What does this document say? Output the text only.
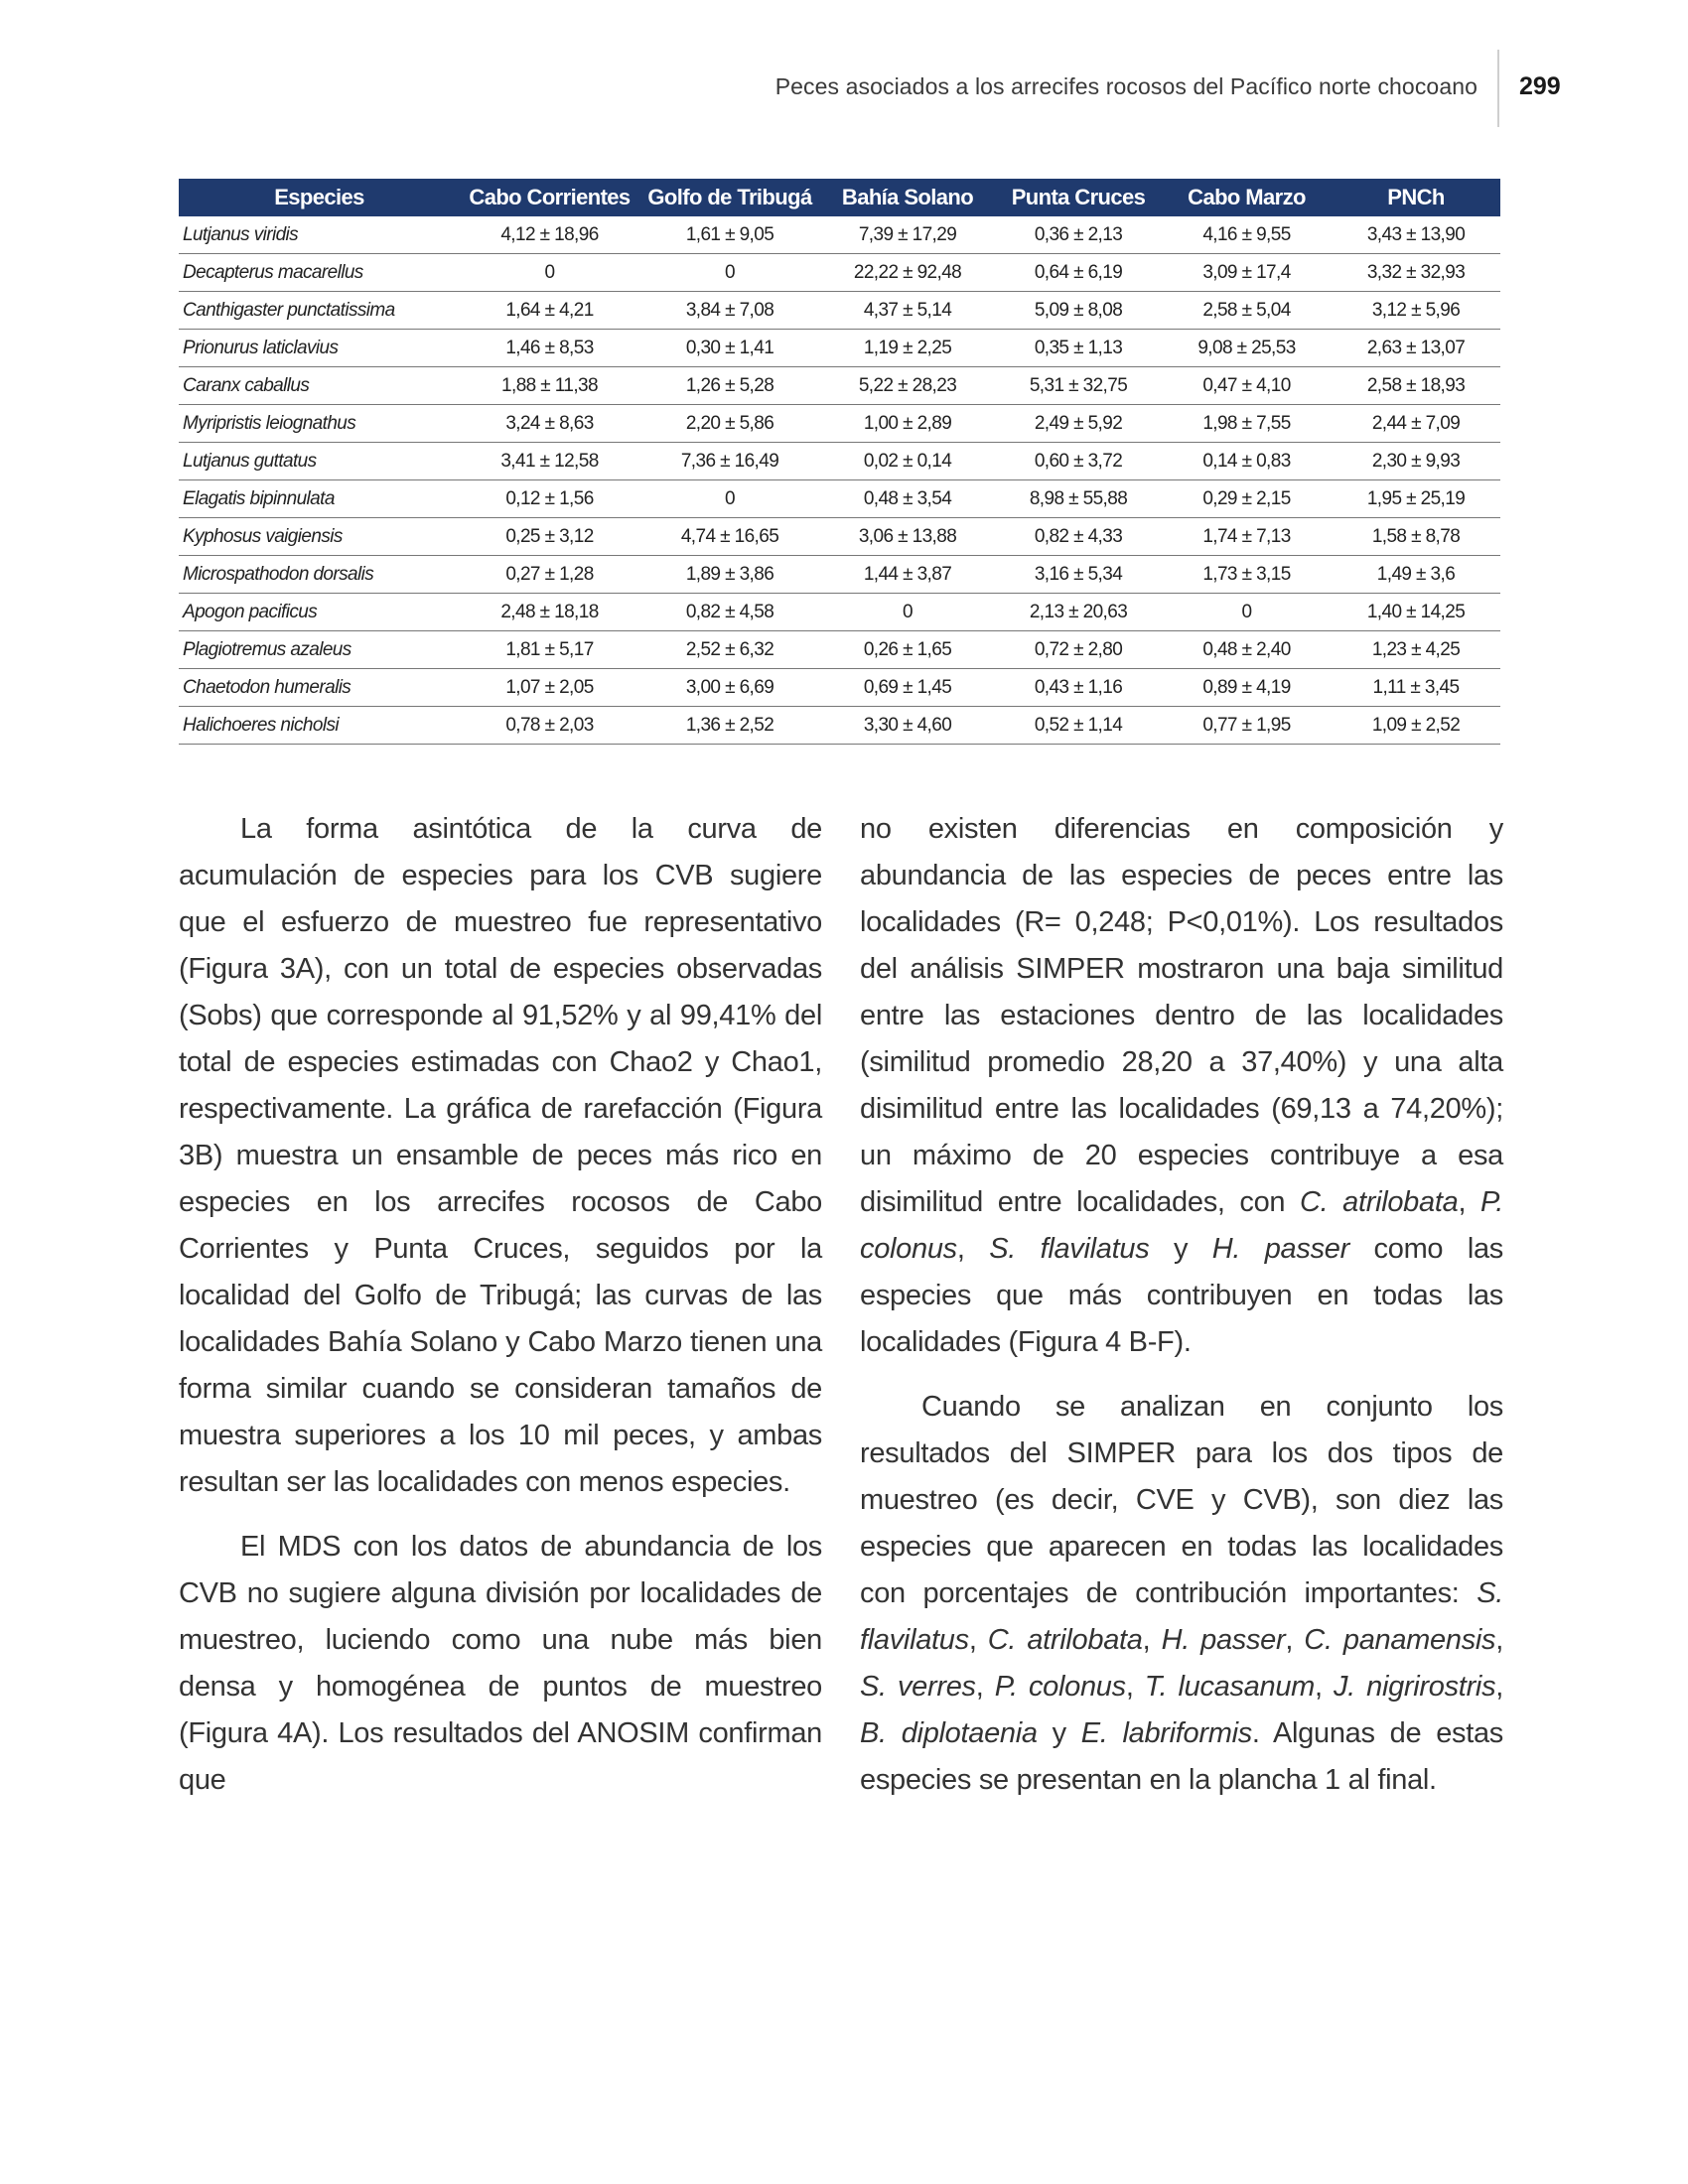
Peces asociados a los arrecifes rocosos del Pacífico norte chocoano 299
Especies	Cabo Corrientes	Golfo de Tribugá	Bahía Solano	Punta Cruces	Cabo Marzo	PNCh
Lutjanus viridis	4,12 ± 18,96	1,61 ± 9,05	7,39 ± 17,29	0,36 ± 2,13	4,16 ± 9,55	3,43 ± 13,90
Decapterus macarellus	0	0	22,22 ± 92,48	0,64 ± 6,19	3,09 ± 17,4	3,32 ± 32,93
Canthigaster punctatissima	1,64 ± 4,21	3,84 ± 7,08	4,37 ± 5,14	5,09 ± 8,08	2,58 ± 5,04	3,12 ± 5,96
Prionurus laticlavius	1,46 ± 8,53	0,30 ± 1,41	1,19 ± 2,25	0,35 ± 1,13	9,08 ± 25,53	2,63 ± 13,07
Caranx caballus	1,88 ± 11,38	1,26 ± 5,28	5,22 ± 28,23	5,31 ± 32,75	0,47 ± 4,10	2,58 ± 18,93
Myripristis leiognathus	3,24 ± 8,63	2,20 ± 5,86	1,00 ± 2,89	2,49 ± 5,92	1,98 ± 7,55	2,44 ± 7,09
Lutjanus guttatus	3,41 ± 12,58	7,36 ± 16,49	0,02 ± 0,14	0,60 ± 3,72	0,14 ± 0,83	2,30 ± 9,93
Elagatis bipinnulata	0,12 ± 1,56	0	0,48 ± 3,54	8,98 ± 55,88	0,29 ± 2,15	1,95 ± 25,19
Kyphosus vaigiensis	0,25 ± 3,12	4,74 ± 16,65	3,06 ± 13,88	0,82 ± 4,33	1,74 ± 7,13	1,58 ± 8,78
Microspathodon dorsalis	0,27 ± 1,28	1,89 ± 3,86	1,44 ± 3,87	3,16 ± 5,34	1,73 ± 3,15	1,49 ± 3,6
Apogon pacificus	2,48 ± 18,18	0,82 ± 4,58	0	2,13 ± 20,63	0	1,40 ± 14,25
Plagiotremus azaleus	1,81 ± 5,17	2,52 ± 6,32	0,26 ± 1,65	0,72 ± 2,80	0,48 ± 2,40	1,23 ± 4,25
Chaetodon humeralis	1,07 ± 2,05	3,00 ± 6,69	0,69 ± 1,45	0,43 ± 1,16	0,89 ± 4,19	1,11 ± 3,45
Halichoeres nicholsi	0,78 ± 2,03	1,36 ± 2,52	3,30 ± 4,60	0,52 ± 1,14	0,77 ± 1,95	1,09 ± 2,52

La forma asintótica de la curva de acumulación de especies para los CVB sugiere que el esfuerzo de muestreo fue representativo (Figura 3A), con un total de especies observadas (Sobs) que corresponde al 91,52% y al 99,41% del total de especies estimadas con Chao2 y Chao1, respectivamente. La gráfica de rarefacción (Figura 3B) muestra un ensamble de peces más rico en especies en los arrecifes rocosos de Cabo Corrientes y Punta Cruces, seguidos por la localidad del Golfo de Tribugá; las curvas de las localidades Bahía Solano y Cabo Marzo tienen una forma similar cuando se consideran tamaños de muestra superiores a los 10 mil peces, y ambas resultan ser las localidades con menos especies.

El MDS con los datos de abundancia de los CVB no sugiere alguna división por localidades de muestreo, luciendo como una nube más bien densa y homogénea de puntos de muestreo (Figura 4A). Los resultados del ANOSIM confirman que

no existen diferencias en composición y abundancia de las especies de peces entre las localidades (R= 0,248; P<0,01%). Los resultados del análisis SIMPER mostraron una baja similitud entre las estaciones dentro de las localidades (similitud promedio 28,20 a 37,40%) y una alta disimilitud entre las localidades (69,13 a 74,20%); un máximo de 20 especies contribuye a esa disimilitud entre localidades, con C. atrilobata, P. colonus, S. flavilatus y H. passer como las especies que más contribuyen en todas las localidades (Figura 4 B-F).

Cuando se analizan en conjunto los resultados del SIMPER para los dos tipos de muestreo (es decir, CVE y CVB), son diez las especies que aparecen en todas las localidades con porcentajes de contribución importantes: S. flavilatus, C. atrilobata, H. passer, C. panamensis, S. verres, P. colonus, T. lucasanum, J. nigrirostris, B. diplotaenia y E. labriformis. Algunas de estas especies se presentan en la plancha 1 al final.
